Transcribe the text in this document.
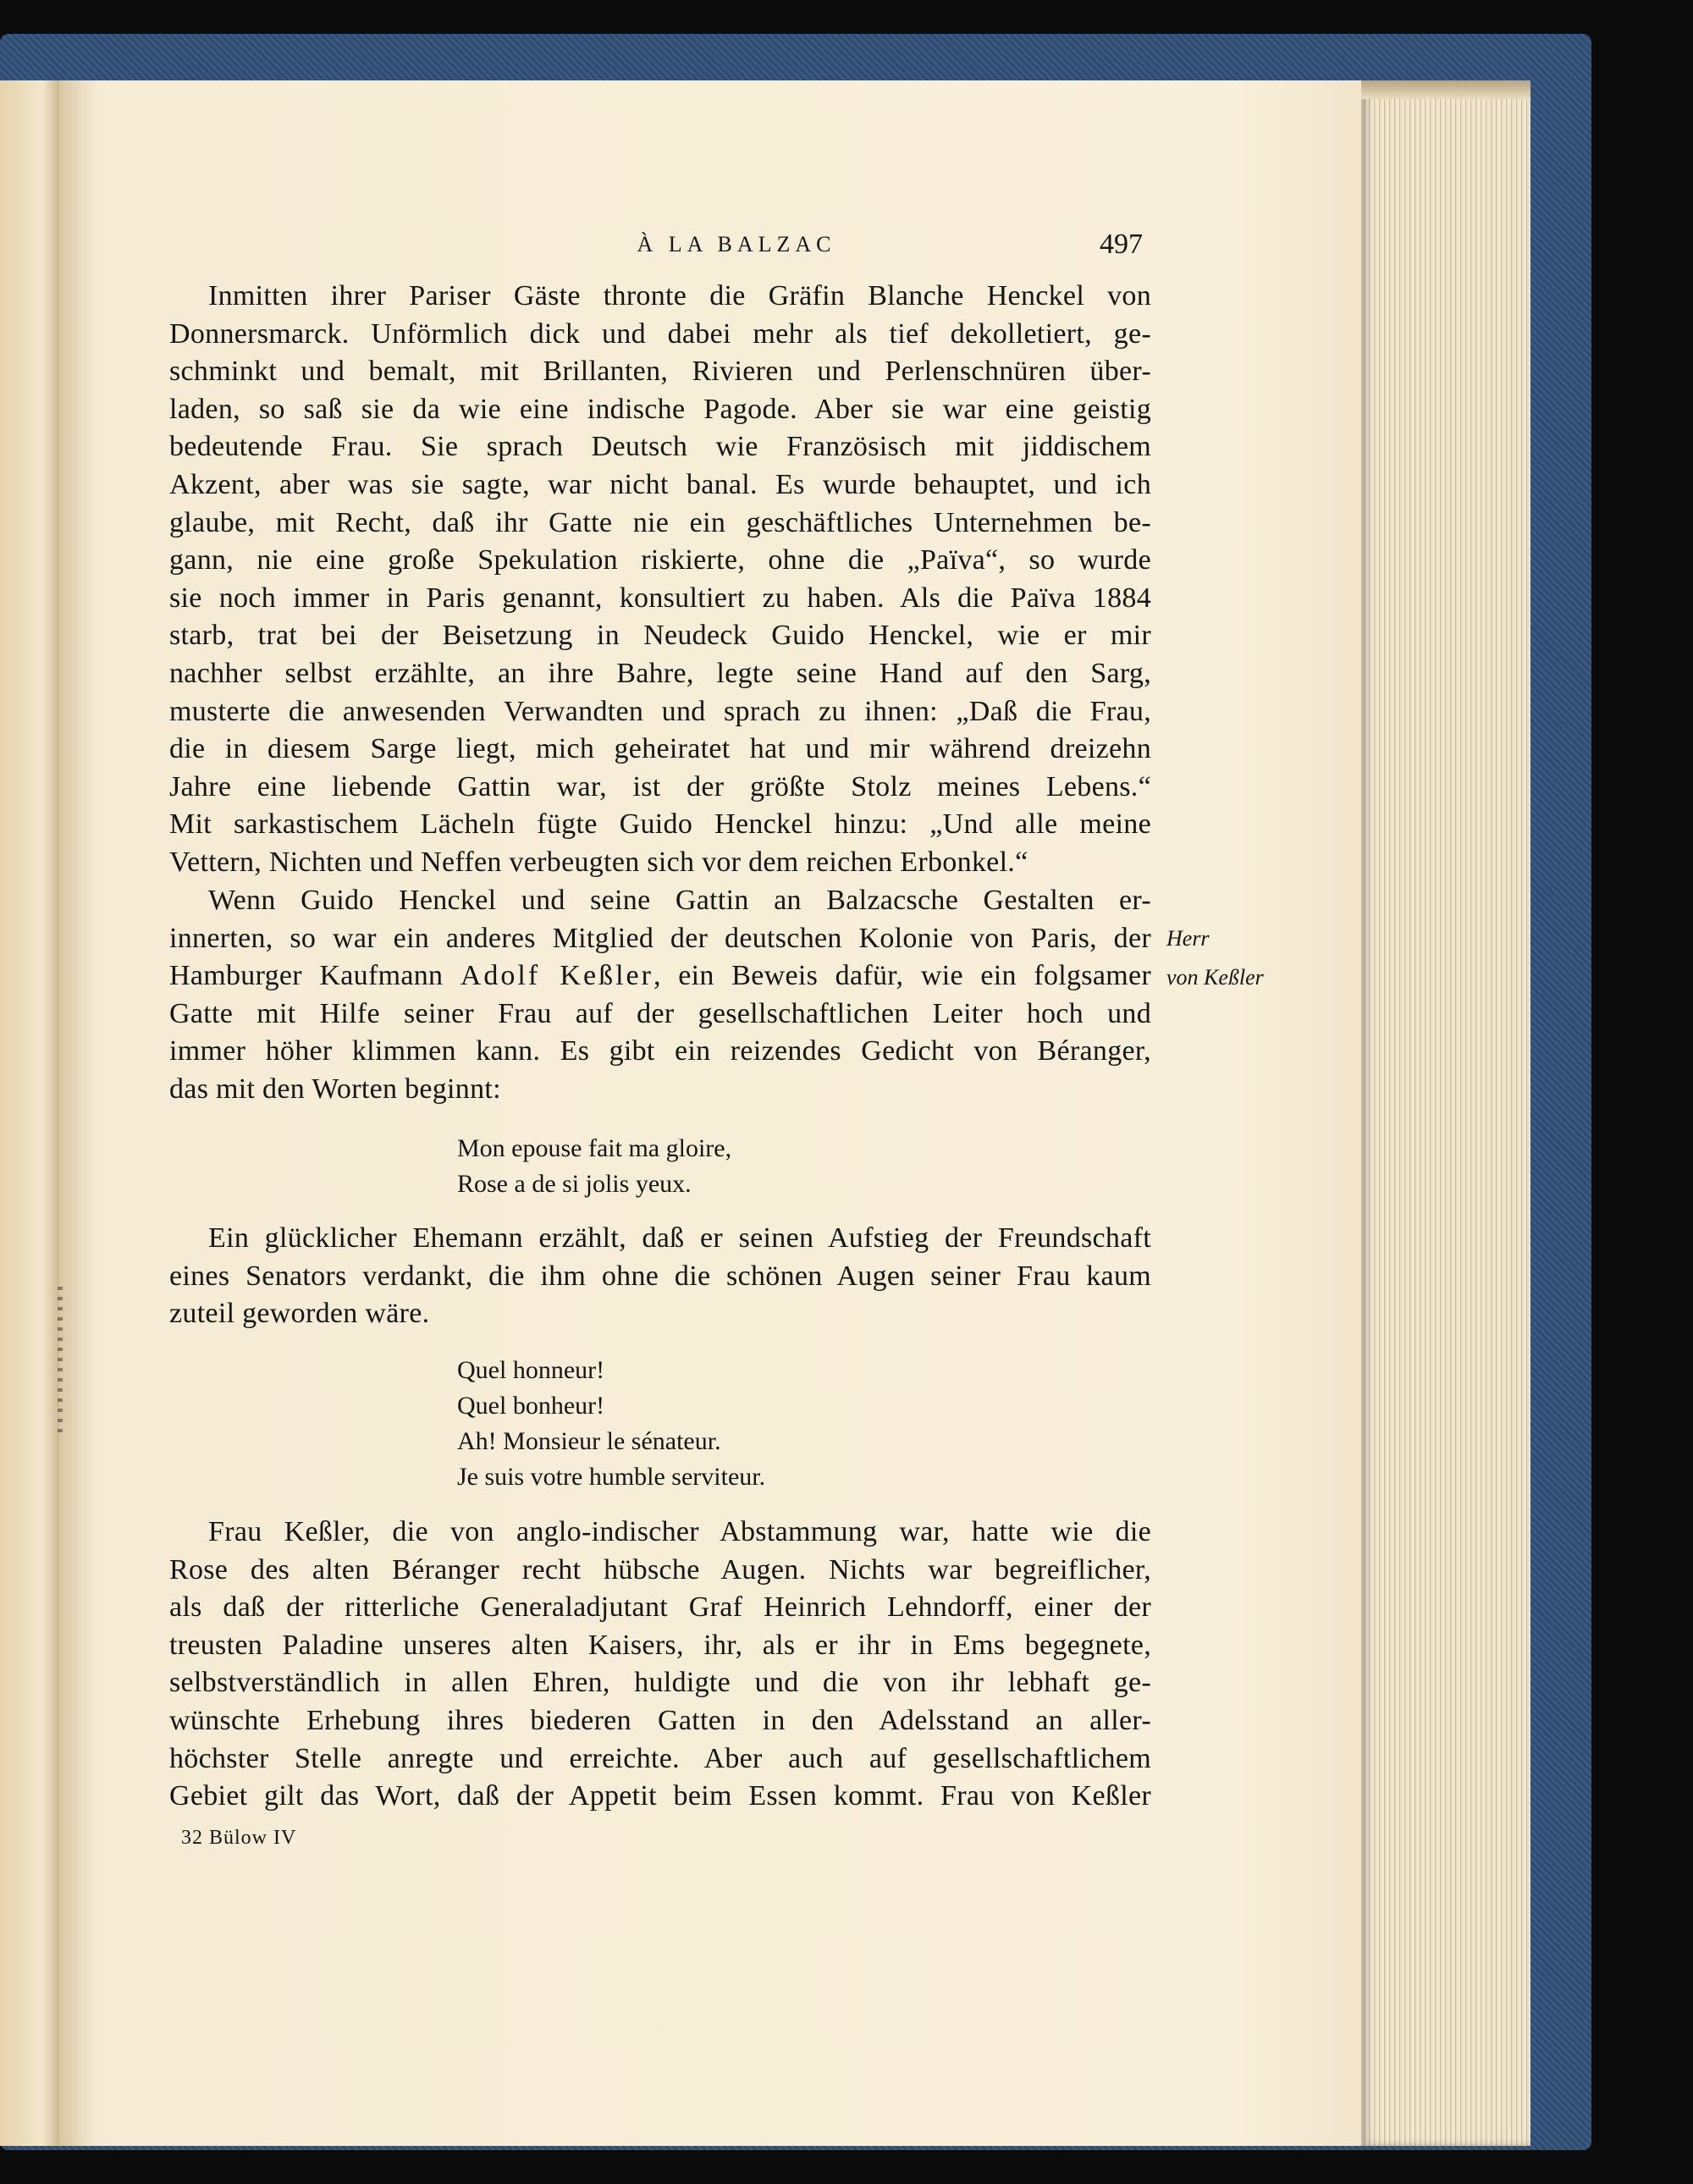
À LA BALZAC	497
Inmitten ihrer Pariser Gäste thronte die Gräfin Blanche Henckel von
Donnersmarck. Unförmlich dick und dabei mehr als tief dekolletiert, ge-
schminkt und bemalt, mit Brillanten, Rivieren und Perlenschnüren über-
laden, so saß sie da wie eine indische Pagode. Aber sie war eine geistig
bedeutende Frau. Sie sprach Deutsch wie Französisch mit jiddischem
Akzent, aber was sie sagte, war nicht banal. Es wurde behauptet, und ich
glaube, mit Recht, daß ihr Gatte nie ein geschäftliches Unternehmen be-
gann, nie eine große Spekulation riskierte, ohne die „Païva“, so wurde
sie noch immer in Paris genannt, konsultiert zu haben. Als die Païva 1884
starb, trat bei der Beisetzung in Neudeck Guido Henckel, wie er mir
nachher selbst erzählte, an ihre Bahre, legte seine Hand auf den Sarg,
musterte die anwesenden Verwandten und sprach zu ihnen: „Daß die Frau,
die in diesem Sarge liegt, mich geheiratet hat und mir während dreizehn
Jahre eine liebende Gattin war, ist der größte Stolz meines Lebens.“
Mit sarkastischem Lächeln fügte Guido Henckel hinzu: „Und alle meine
Vettern, Nichten und Neffen verbeugten sich vor dem reichen Erbonkel.“
Wenn Guido Henckel und seine Gattin an Balzacsche Gestalten er-
innerten, so war ein anderes Mitglied der deutschen Kolonie von Paris, der
Hamburger Kaufmann Adolf Keßler, ein Beweis dafür, wie ein folgsamer
Gatte mit Hilfe seiner Frau auf der gesellschaftlichen Leiter hoch und
immer höher klimmen kann. Es gibt ein reizendes Gedicht von Béranger,
das mit den Worten beginnt:
Herr
von Keßler
Mon epouse fait ma gloire,
Rose a de si jolis yeux.
Ein glücklicher Ehemann erzählt, daß er seinen Aufstieg der Freundschaft
eines Senators verdankt, die ihm ohne die schönen Augen seiner Frau kaum
zuteil geworden wäre.
Quel honneur!
Quel bonheur!
Ah! Monsieur le sénateur.
Je suis votre humble serviteur.
Frau Keßler, die von anglo-indischer Abstammung war, hatte wie die
Rose des alten Béranger recht hübsche Augen. Nichts war begreiflicher,
als daß der ritterliche Generaladjutant Graf Heinrich Lehndorff, einer der
treusten Paladine unseres alten Kaisers, ihr, als er ihr in Ems begegnete,
selbstverständlich in allen Ehren, huldigte und die von ihr lebhaft ge-
wünschte Erhebung ihres biederen Gatten in den Adelsstand an aller-
höchster Stelle anregte und erreichte. Aber auch auf gesellschaftlichem
Gebiet gilt das Wort, daß der Appetit beim Essen kommt. Frau von Keßler
32 Bülow IV
